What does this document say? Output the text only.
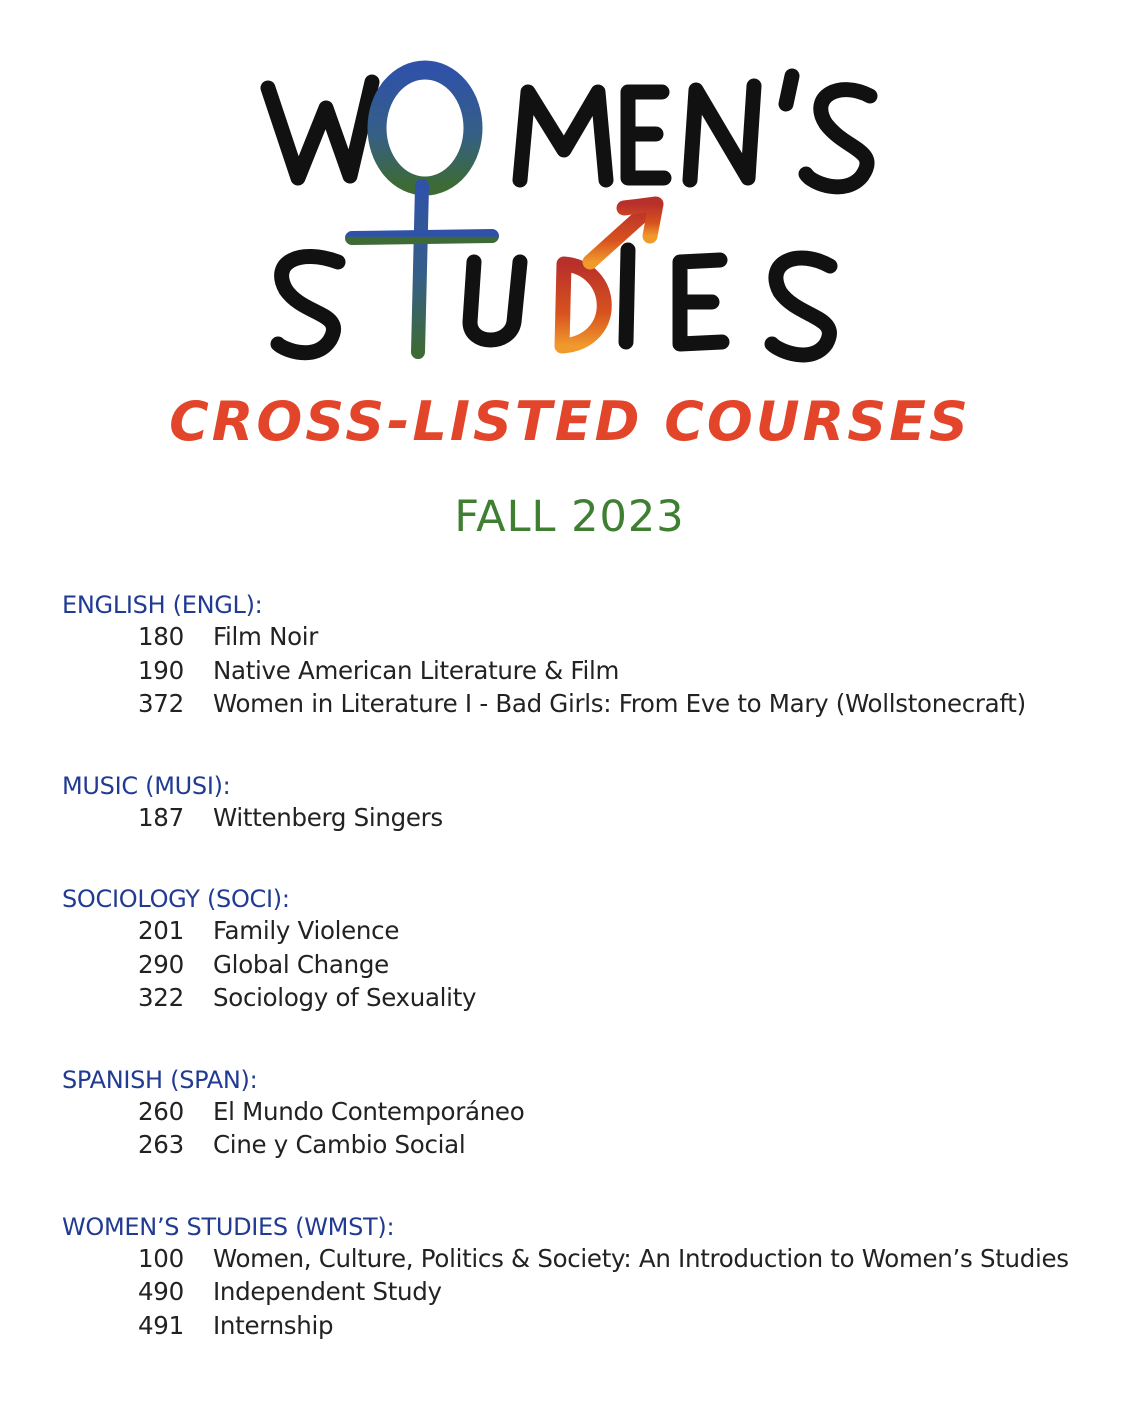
CROSS-LISTED COURSES
FALL 2023
ENGLISH (ENGL):
180	Film Noir
190	Native American Literature & Film
372	Women in Literature I - Bad Girls: From Eve to Mary (Wollstonecraft)
MUSIC (MUSI):
187	Wittenberg Singers
SOCIOLOGY (SOCI):
201	Family Violence
290	Global Change
322	Sociology of Sexuality
SPANISH (SPAN):
260	El Mundo Contemporáneo
263	Cine y Cambio Social
WOMEN’S STUDIES (WMST):
100	Women, Culture, Politics & Society: An Introduction to Women’s Studies
490	Independent Study
491	Internship
